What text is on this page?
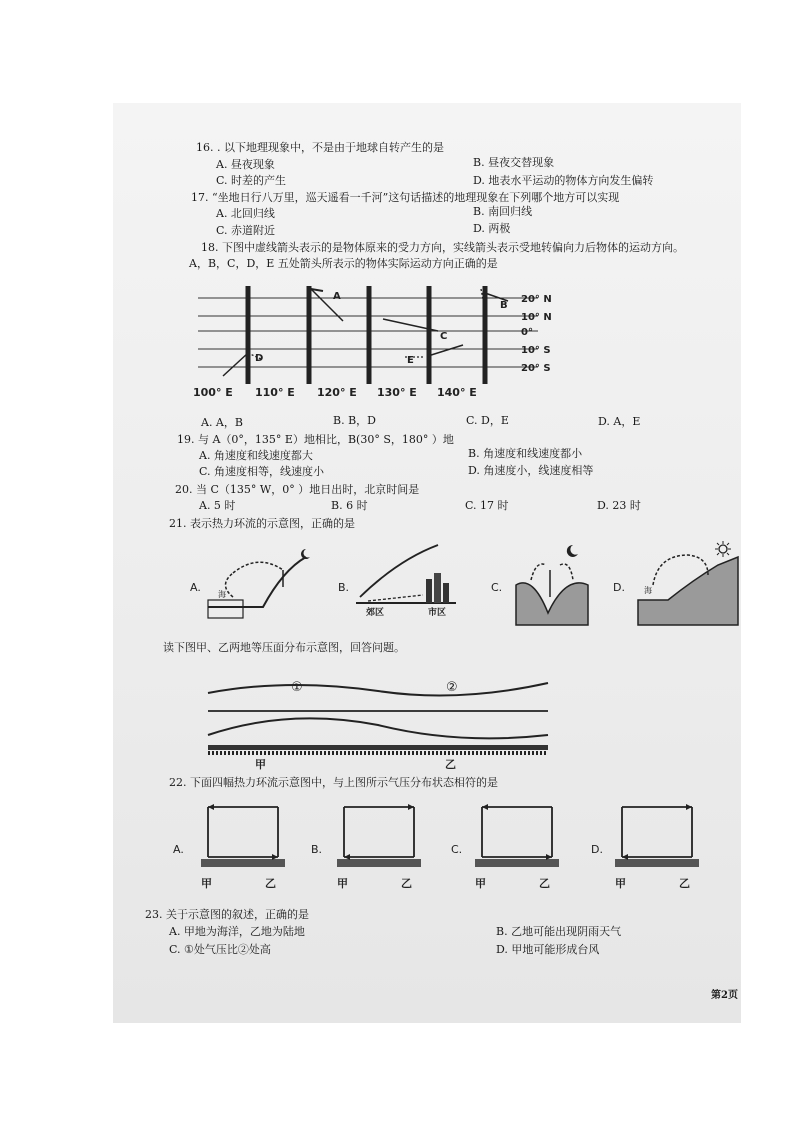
16. . 以下地理现象中，不是由于地球自转产生的是
A. 昼夜现象	B. 昼夜交替现象
C. 时差的产生	D. 地表水平运动的物体方向发生偏转
17. “坐地日行八万里，巡天遥看一千河”这句话描述的地理现象在下列哪个地方可以实现
A. 北回归线	B. 南回归线
C. 赤道附近	D. 两极
18. 下图中虚线箭头表示的是物体原来的受力方向，实线箭头表示受地转偏向力后物体的运动方向。
A，B，C，D，E 五处箭头所表示的物体实际运动方向正确的是
A
B
C
D	E
20° N
10° N
0°
10° S
20° S
100° E 110° E 120° E 130° E 140° E
A. A，B	B. B，D	C. D，E	D. A，E
19. 与 A（0°，135° E）地相比，B(30° S，180° ）地
A. 角速度和线速度都大	B. 角速度和线速度都小
C. 角速度相等，线速度小	D. 角速度小，线速度相等
20. 当 C（135° W，0° ）地日出时，北京时间是
A. 5 时	B. 6 时	C. 17 时	D. 23 时
21. 表示热力环流的示意图，正确的是
A.
海
B.
郊区	市区
C.	D. 海
读下图甲、乙两地等压面分布示意图，回答问题。
①	②
甲	乙
22. 下面四幅热力环流示意图中，与上图所示气压分布状态相符的是
A.
甲	乙
B.
甲	乙
C.
甲	乙
D.
甲	乙
23. 关于示意图的叙述，正确的是
A. 甲地为海洋，乙地为陆地	B. 乙地可能出现阴雨天气
C. ①处气压比②处高	D. 甲地可能形成台风
第2页
